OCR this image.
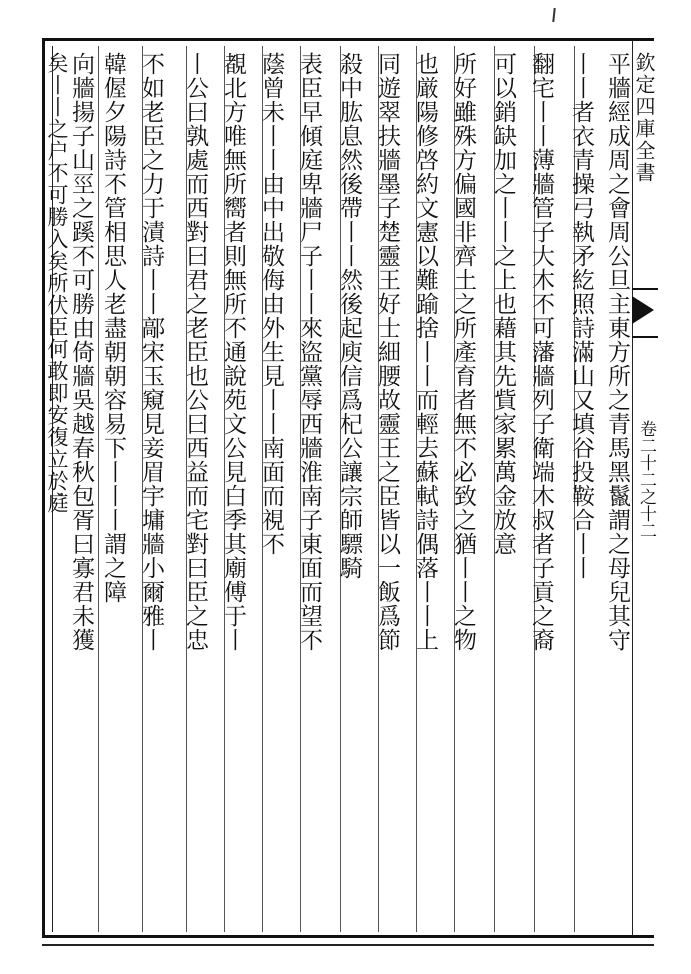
欽定四庫全書
卷二十二之十二
平牆經成周之會周公旦主東方所之青馬黑鬣謂之母兒其守
丨丨者衣青操弓執矛紇照詩滿山又填谷投鞍合丨丨
翻宅丨丨薄牆管子大木不可藩牆列子衛端木叔者子貢之裔
可以銷缺加之丨丨之上也藉其先貲家累萬金放意
所好雖殊方偏國非齊土之所產育者無不必致之猶丨丨之物
也厳陽修啓約文憲以難踰捨丨丨而輕去蘇軾詩偶落丨丨上
同遊翠扶牆墨子楚靈王好士細腰故靈王之臣皆以一飯爲節
殺中肱息然後帶丨丨然後起庾信爲杞公讓宗師驃騎
表臣早傾庭卑牆尸子丨丨來盜黨辱西牆淮南子東面而望不
蔭曾未丨丨由中出敬侮由外生見丨丨南面而視不
覩北方唯無所嚮者則無所不通說苑文公見白季其廟傅于丨
丨公曰孰處而西對曰君之老臣也公曰西益而宅對曰臣之忠
不如老臣之力于漬詩丨丨鄗宋玉窺見妾眉宇墉牆小爾雅丨
韓偓夕陽詩不管相思人老盡朝朝容易下丨丨丨謂之障
向牆揚子山巠之蹊不可勝由倚牆吳越春秋包胥曰寡君未獲
矣丨丨之户不可勝入矣所伏臣何敢即安復立於庭
